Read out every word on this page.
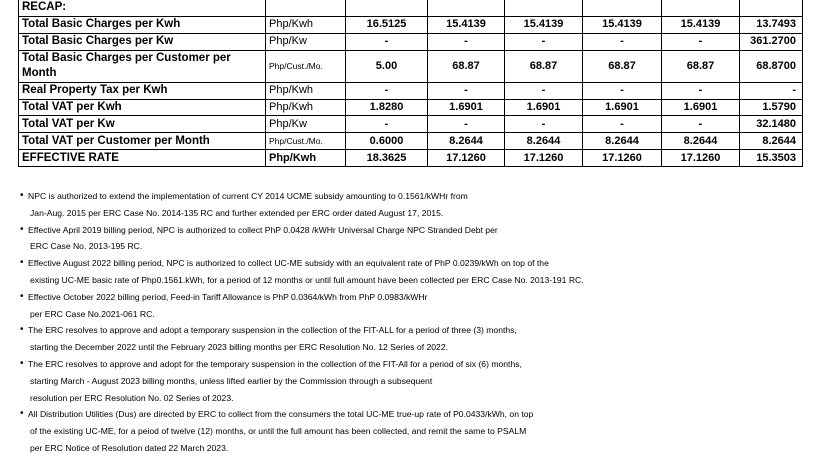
RECAP:							
Total Basic Charges per Kwh	Php/Kwh	16.5125	15.4139	15.4139	15.4139	15.4139	13.7493
Total Basic Charges per Kw	Php/Kw	-	-	-	-	-	361.2700
Total Basic Charges per Customer per Month	Php/Cust./Mo.	5.00	68.87	68.87	68.87	68.87	68.8700
Real Property Tax per Kwh	Php/Kwh	-	-	-	-	-	-
Total VAT per Kwh	Php/Kwh	1.8280	1.6901	1.6901	1.6901	1.6901	1.5790
Total VAT per Kw	Php/Kw	-	-	-	-	-	32.1480
Total VAT per Customer per Month	Php/Cust./Mo.	0.6000	8.2644	8.2644	8.2644	8.2644	8.2644
EFFECTIVE RATE	Php/Kwh	18.3625	17.1260	17.1260	17.1260	17.1260	15.3503
• NPC is authorized to extend the implementation of current CY 2014 UCME subsidy amounting to 0.1561/kWHr from
Jan-Aug. 2015 per ERC Case No. 2014-135 RC and further extended per ERC order dated August 17, 2015.
• Effective April 2019 billing period, NPC is authorized to collect PhP 0.0428 /kWHr Universal Charge NPC Stranded Debt per
ERC Case No. 2013-195 RC.
• Effective August 2022 billing period, NPC is authorized to collect UC-ME subsidy with an equivalent rate of PhP 0.0239/kWh on top of the
existing UC-ME basic rate of Php0.1561.kWh, for a period of 12 months or until full amount have been collected per ERC Case No. 2013-191 RC.
• Effective October 2022 billing period, Feed-in Tariff Allowance is PhP 0.0364/kWh from PhP 0.0983/kWHr
per ERC Case No.2021-061 RC.
• The ERC resolves to approve and adopt a temporary suspension in the collection of the FIT-ALL for a period of three (3) months,
starting the December 2022 until the February 2023 billing months per ERC Resolution No. 12 Series of 2022.
• The ERC resolves to approve and adopt for the temporary suspension in the collection of the FIT-All for a period of six (6) months,
starting March - August 2023 billing months, unless lifted earlier by the Commission through a subsequent
resolution per ERC Resolution No. 02 Series of 2023.
• All Distribution Utilities (Dus) are directed by ERC to collect from the consumers the total UC-ME true-up rate of P0.0433/kWh, on top
of the existing UC-ME, for a peiod of twelve (12) months, or until the full amount has been collected, and remit the same to PSALM
per ERC Notice of Resolution dated 22 March 2023.
